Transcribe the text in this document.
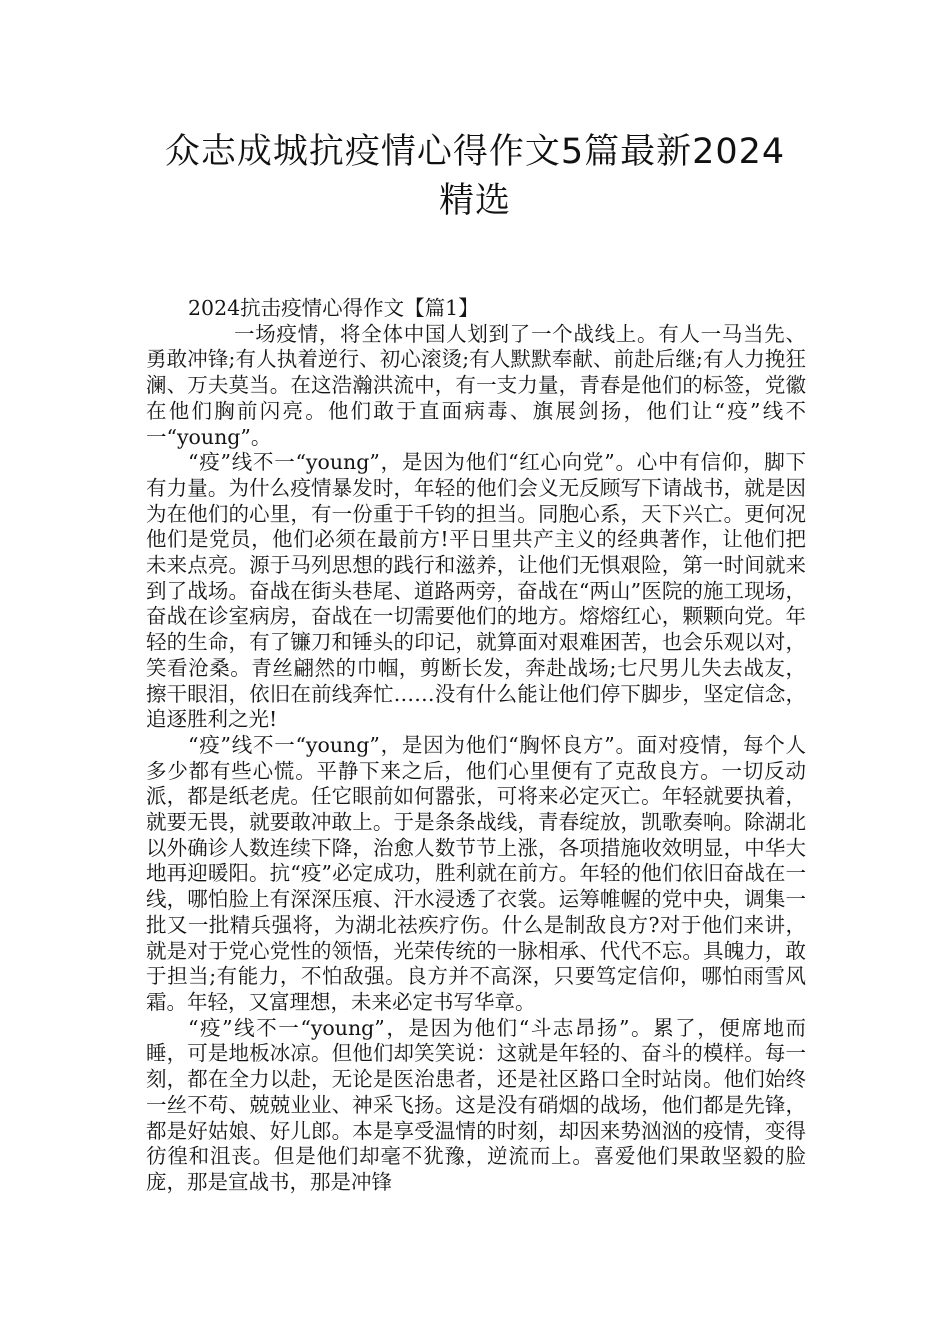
众志成城抗疫情心得作文5篇最新2024
精选

2024抗击疫情心得作文【篇1】

一场疫情，将全体中国人划到了一个战线上。有人一马当先、勇敢冲锋;有人执着逆行、初心滚烫;有人默默奉献、前赴后继;有人力挽狂澜、万夫莫当。在这浩瀚洪流中，有一支力量，青春是他们的标签，党徽在他们胸前闪亮。他们敢于直面病毒、旗展剑扬，他们让“疫”线不一“young”。

“疫”线不一“young”，是因为他们“红心向党”。心中有信仰，脚下有力量。为什么疫情暴发时，年轻的他们会义无反顾写下请战书，就是因为在他们的心里，有一份重于千钧的担当。同胞心系，天下兴亡。更何况他们是党员，他们必须在最前方!平日里共产主义的经典著作，让他们把未来点亮。源于马列思想的践行和滋养，让他们无惧艰险，第一时间就来到了战场。奋战在街头巷尾、道路两旁，奋战在“两山”医院的施工现场，奋战在诊室病房，奋战在一切需要他们的地方。熔熔红心，颗颗向党。年轻的生命，有了镰刀和锤头的印记，就算面对艰难困苦，也会乐观以对，笑看沧桑。青丝翩然的巾帼，剪断长发，奔赴战场;七尺男儿失去战友，擦干眼泪，依旧在前线奔忙……没有什么能让他们停下脚步，坚定信念，追逐胜利之光!

“疫”线不一“young”，是因为他们“胸怀良方”。面对疫情，每个人多少都有些心慌。平静下来之后，他们心里便有了克敌良方。一切反动派，都是纸老虎。任它眼前如何嚣张，可将来必定灭亡。年轻就要执着，就要无畏，就要敢冲敢上。于是条条战线，青春绽放，凯歌奏响。除湖北以外确诊人数连续下降，治愈人数节节上涨，各项措施收效明显，中华大地再迎暖阳。抗“疫”必定成功，胜利就在前方。年轻的他们依旧奋战在一线，哪怕脸上有深深压痕、汗水浸透了衣裳。运筹帷幄的党中央，调集一批又一批精兵强将，为湖北祛疾疗伤。什么是制敌良方?对于他们来讲，就是对于党心党性的领悟，光荣传统的一脉相承、代代不忘。具魄力，敢于担当;有能力，不怕敌强。良方并不高深，只要笃定信仰，哪怕雨雪风霜。年轻，又富理想，未来必定书写华章。

“疫”线不一“young”，是因为他们“斗志昂扬”。累了，便席地而睡，可是地板冰凉。但他们却笑笑说：这就是年轻的、奋斗的模样。每一刻，都在全力以赴，无论是医治患者，还是社区路口全时站岗。他们始终一丝不苟、兢兢业业、神采飞扬。这是没有硝烟的战场，他们都是先锋，都是好姑娘、好儿郎。本是享受温情的时刻，却因来势汹汹的疫情，变得彷徨和沮丧。但是他们却毫不犹豫，逆流而上。喜爱他们果敢坚毅的脸庞，那是宣战书，那是冲锋
